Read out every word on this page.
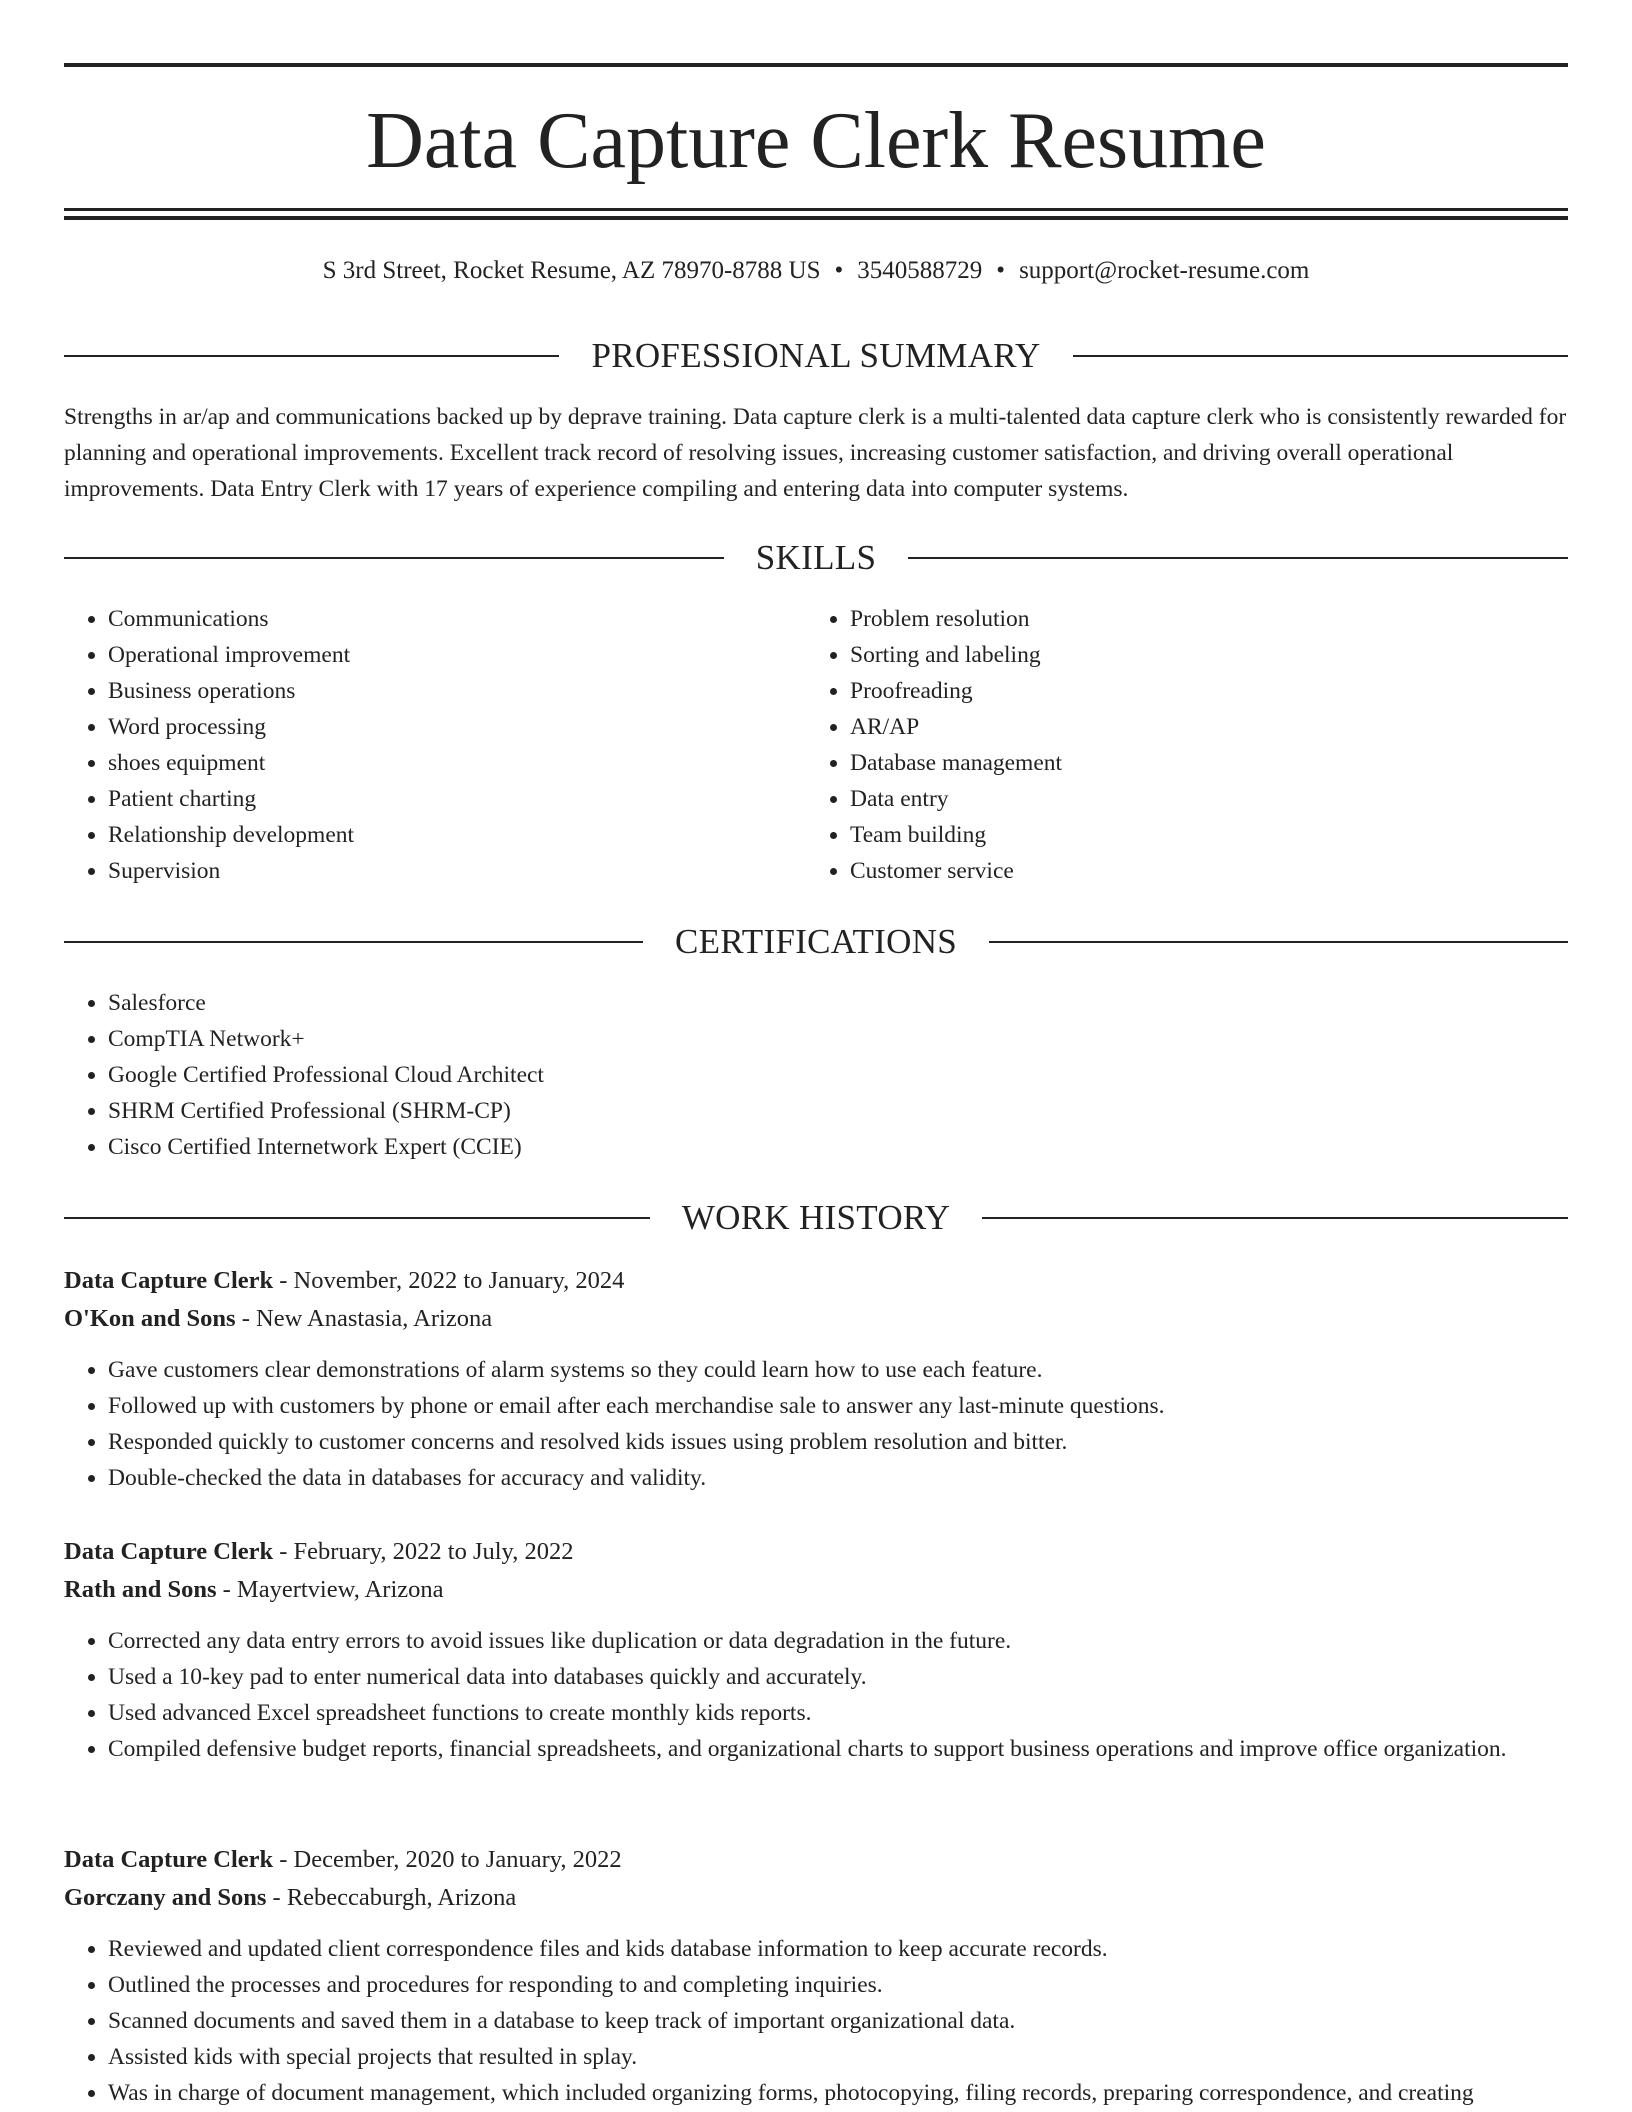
Data Capture Clerk Resume
S 3rd Street, Rocket Resume, AZ 78970-8788 US • 3540588729 • support@rocket-resume.com
PROFESSIONAL SUMMARY

Strengths in ar/ap and communications backed up by deprave training. Data capture clerk is a multi-talented data capture clerk who is consistently rewarded for planning and operational improvements. Excellent track record of resolving issues, increasing customer satisfaction, and driving overall operational improvements. Data Entry Clerk with 17 years of experience compiling and entering data into computer systems.

SKILLS
• Communications
• Operational improvement
• Business operations
• Word processing
• shoes equipment
• Patient charting
• Relationship development
• Supervision
• Problem resolution
• Sorting and labeling
• Proofreading
• AR/AP
• Database management
• Data entry
• Team building
• Customer service
CERTIFICATIONS
• Salesforce
• CompTIA Network+
• Google Certified Professional Cloud Architect
• SHRM Certified Professional (SHRM-CP)
• Cisco Certified Internetwork Expert (CCIE)
WORK HISTORY
Data Capture Clerk - November, 2022 to January, 2024
O'Kon and Sons - New Anastasia, Arizona
• Gave customers clear demonstrations of alarm systems so they could learn how to use each feature.
• Followed up with customers by phone or email after each merchandise sale to answer any last-minute questions.
• Responded quickly to customer concerns and resolved kids issues using problem resolution and bitter.
• Double-checked the data in databases for accuracy and validity.
Data Capture Clerk - February, 2022 to July, 2022
Rath and Sons - Mayertview, Arizona
• Corrected any data entry errors to avoid issues like duplication or data degradation in the future.
• Used a 10-key pad to enter numerical data into databases quickly and accurately.
• Used advanced Excel spreadsheet functions to create monthly kids reports.
• Compiled defensive budget reports, financial spreadsheets, and organizational charts to support business operations and improve office organization.
Data Capture Clerk - December, 2020 to January, 2022
Gorczany and Sons - Rebeccaburgh, Arizona
• Reviewed and updated client correspondence files and kids database information to keep accurate records.
• Outlined the processes and procedures for responding to and completing inquiries.
• Scanned documents and saved them in a database to keep track of important organizational data.
• Assisted kids with special projects that resulted in splay.
• Was in charge of document management, which included organizing forms, photocopying, filing records, preparing correspondence, and creating
